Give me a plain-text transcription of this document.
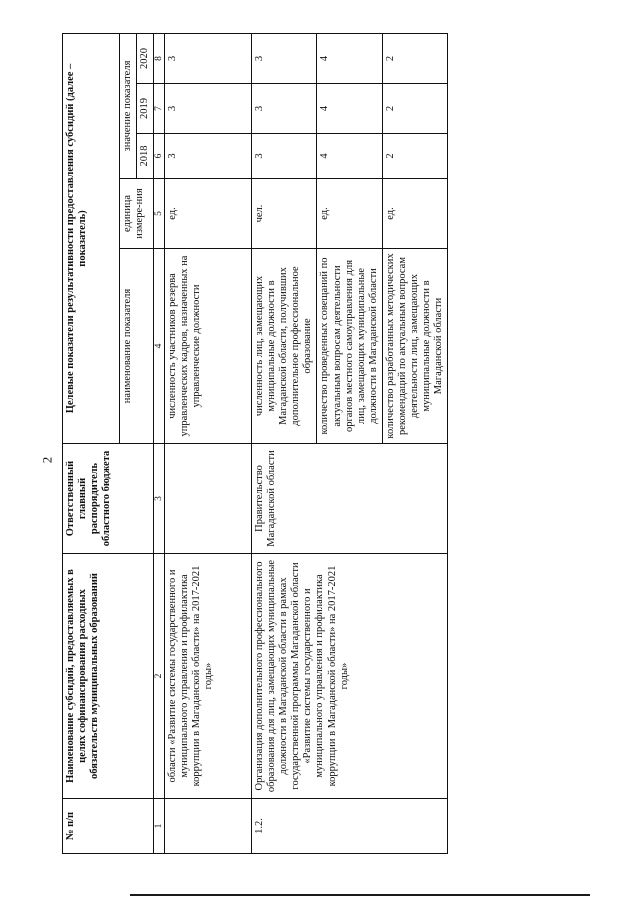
2
№ п/п	Наименование субсидий, предоставляемых в целях софинансирования расходных обязательств муниципальных образований	Ответственный главный распорядитель областного бюджета	Целевые показатели результативности предоставления субсидий (далее – показатель)				
			наименование показателя	единица измере-ния	значение показателя		
					2018	2019	2020
1	2	3	4	5	6	7	8
	области «Развитие системы государственного и муниципального управления и профилактика коррупции в Магаданской области» на 2017-2021 годы»		численность участников резерва управленческих кадров, назначенных на управленческие должности	ед.	3	3	3
1.2.	Организация дополнительного профессионального образования для лиц, замещающих муниципальные должности в Магаданской области в рамках государственной программы Магаданской области «Развитие системы государственного и муниципального управления и профилактика коррупции в Магаданской области» на 2017-2021 годы»	Правительство Магаданской области	численность лиц, замещающих муниципальные должности в Магаданской области, получивших дополнительное профессиональное образование	чел.	3	3	3
			количество проведенных совещаний по актуальным вопросам деятельности органов местного самоуправления для лиц, замещающих муниципальные должности в Магаданской области	ед.	4	4	4
			количество разработанных методических рекомендаций по актуальным вопросам деятельности лиц, замещающих муниципальные должности в Магаданской области	ед.	2	2	2
